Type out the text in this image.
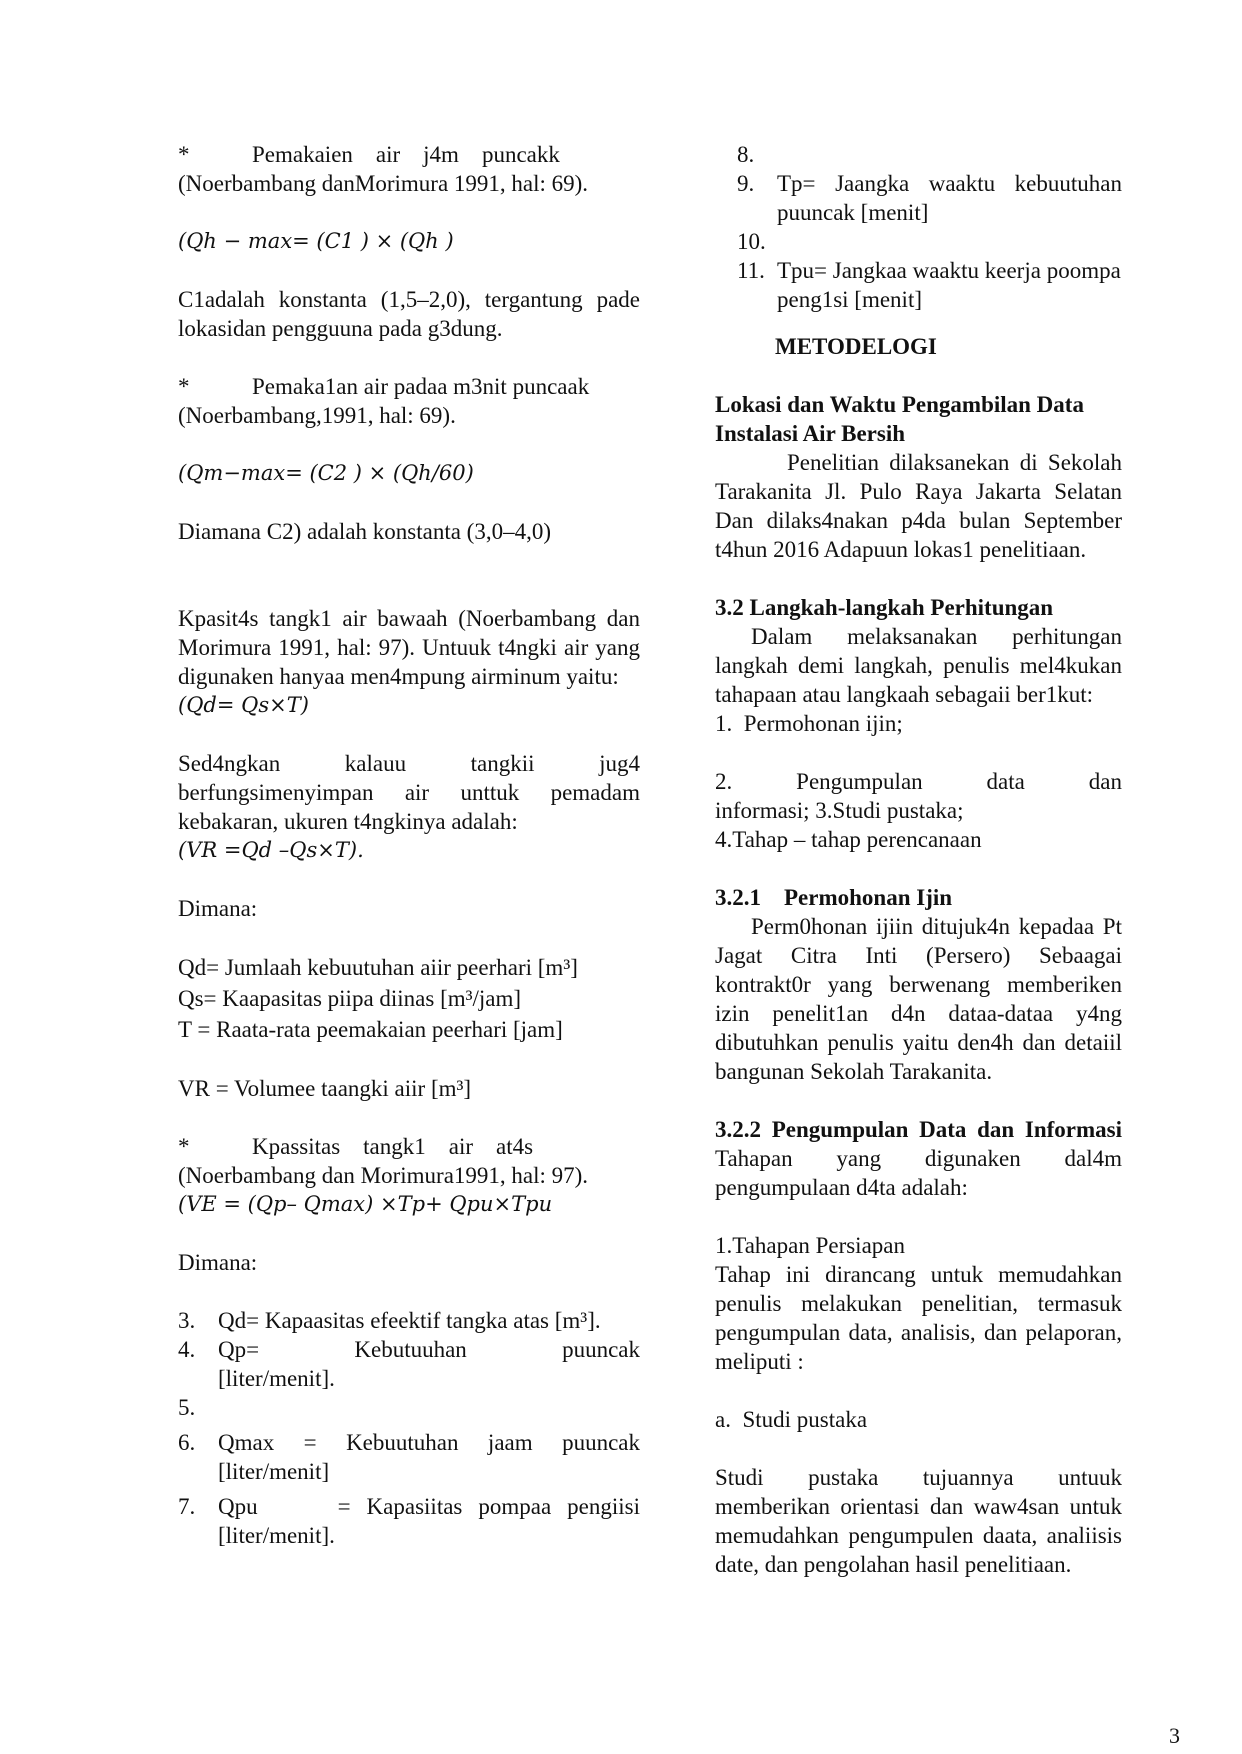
*	Pemakaien    air    j4m    puncakk
(Noerbambang danMorimura 1991, hal: 69).

(Qℎ − max= (C1 ) × (Qℎ )

C1adalah konstanta (1,5–2,0), tergantung pade lokasidan pengguuna pada g3dung.

*	Pemaka1an air padaa m3nit puncaak
(Noerbambang,1991, hal: 69).

(Qm−max= (C2 ) × (Qℎ/60)

Diamana C2) adalah konstanta (3,0–4,0)

Kpasit4s tangk1 air bawaah (Noerbambang dan Morimura 1991, hal: 97). Untuuk t4ngki air yang digunaken hanyaa men4mpung airminum yaitu:

(Qd= Qs×T)

Sed4ngkan kalauu tangkii jug4 berfungsimenyimpan air unttuk pemadam kebakaran, ukuren t4ngkinya adalah:

(VR =Qd –Qs×T).

Dimana:

Qd= Jumlaah kebuutuhan aiir peerhari [m³]

Qs= Kaapasitas piipa diinas [m³/jam]

T = Raata-rata peemakaian peerhari [jam]

VR = Volumee taangki aiir [m³]

*	Kpassitas    tangk1    air    at4s
(Noerbambang dan Morimura1991, hal: 97).

(VE = (Qp– Qmax) ×Tp+ Qpu×Tpu

Dimana:

3. Qd= Kapaasitas efeektif tangka atas [m³].
4. Qp=        Kebutuuhan        puuncak [liter/menit].
5.
6. Qmax = Kebuutuhan jaam puuncak [liter/menit]
7. Qpu     = Kapasiitas pompaa pengiisi [liter/menit].
8.
9. Tp= Jaangka waaktu kebuutuhan puuncak [menit]
10.
11. Tpu= Jangkaa waaktu keerja poompa peng1si [menit]

METODELOGI

Lokasi dan Waktu Pengambilan Data Instalasi Air Bersih

Penelitian dilaksanekan di Sekolah Tarakanita Jl. Pulo Raya Jakarta Selatan Dan dilaks4nakan p4da bulan September t4hun 2016 Adapuun lokas1 penelitiaan.

3.2 Langkah-langkah Perhitungan

Dalam melaksanakan perhitungan langkah demi langkah, penulis mel4kukan tahapaan atau langkaah sebagaii ber1kut:

1.  Permohonan ijin;

2.      Pengumpulan      data      dan informasi; 3.Studi pustaka;

4.Tahap – tahap perencanaan

3.2.1    Permohonan Ijin

Perm0honan ijiin ditujuk4n kepadaa Pt Jagat Citra Inti (Persero) Sebaagai kontrakt0r yang berwenang memberiken izin penelit1an d4n dataa-dataa y4ng dibutuhkan penulis yaitu den4h dan detaiil bangunan Sekolah Tarakanita.

3.2.2 Pengumpulan Data dan Informasi Tahapan yang digunaken dal4m pengumpulaan d4ta adalah:

1.Tahapan Persiapan

Tahap ini dirancang untuk memudahkan penulis melakukan penelitian, termasuk pengumpulan data, analisis, dan pelaporan, meliputi :

a.  Studi pustaka

Studi pustaka tujuannya untuuk memberikan orientasi dan waw4san untuk memudahkan pengumpulen daata, analiisis date, dan pengolahan hasil penelitiaan.

3
